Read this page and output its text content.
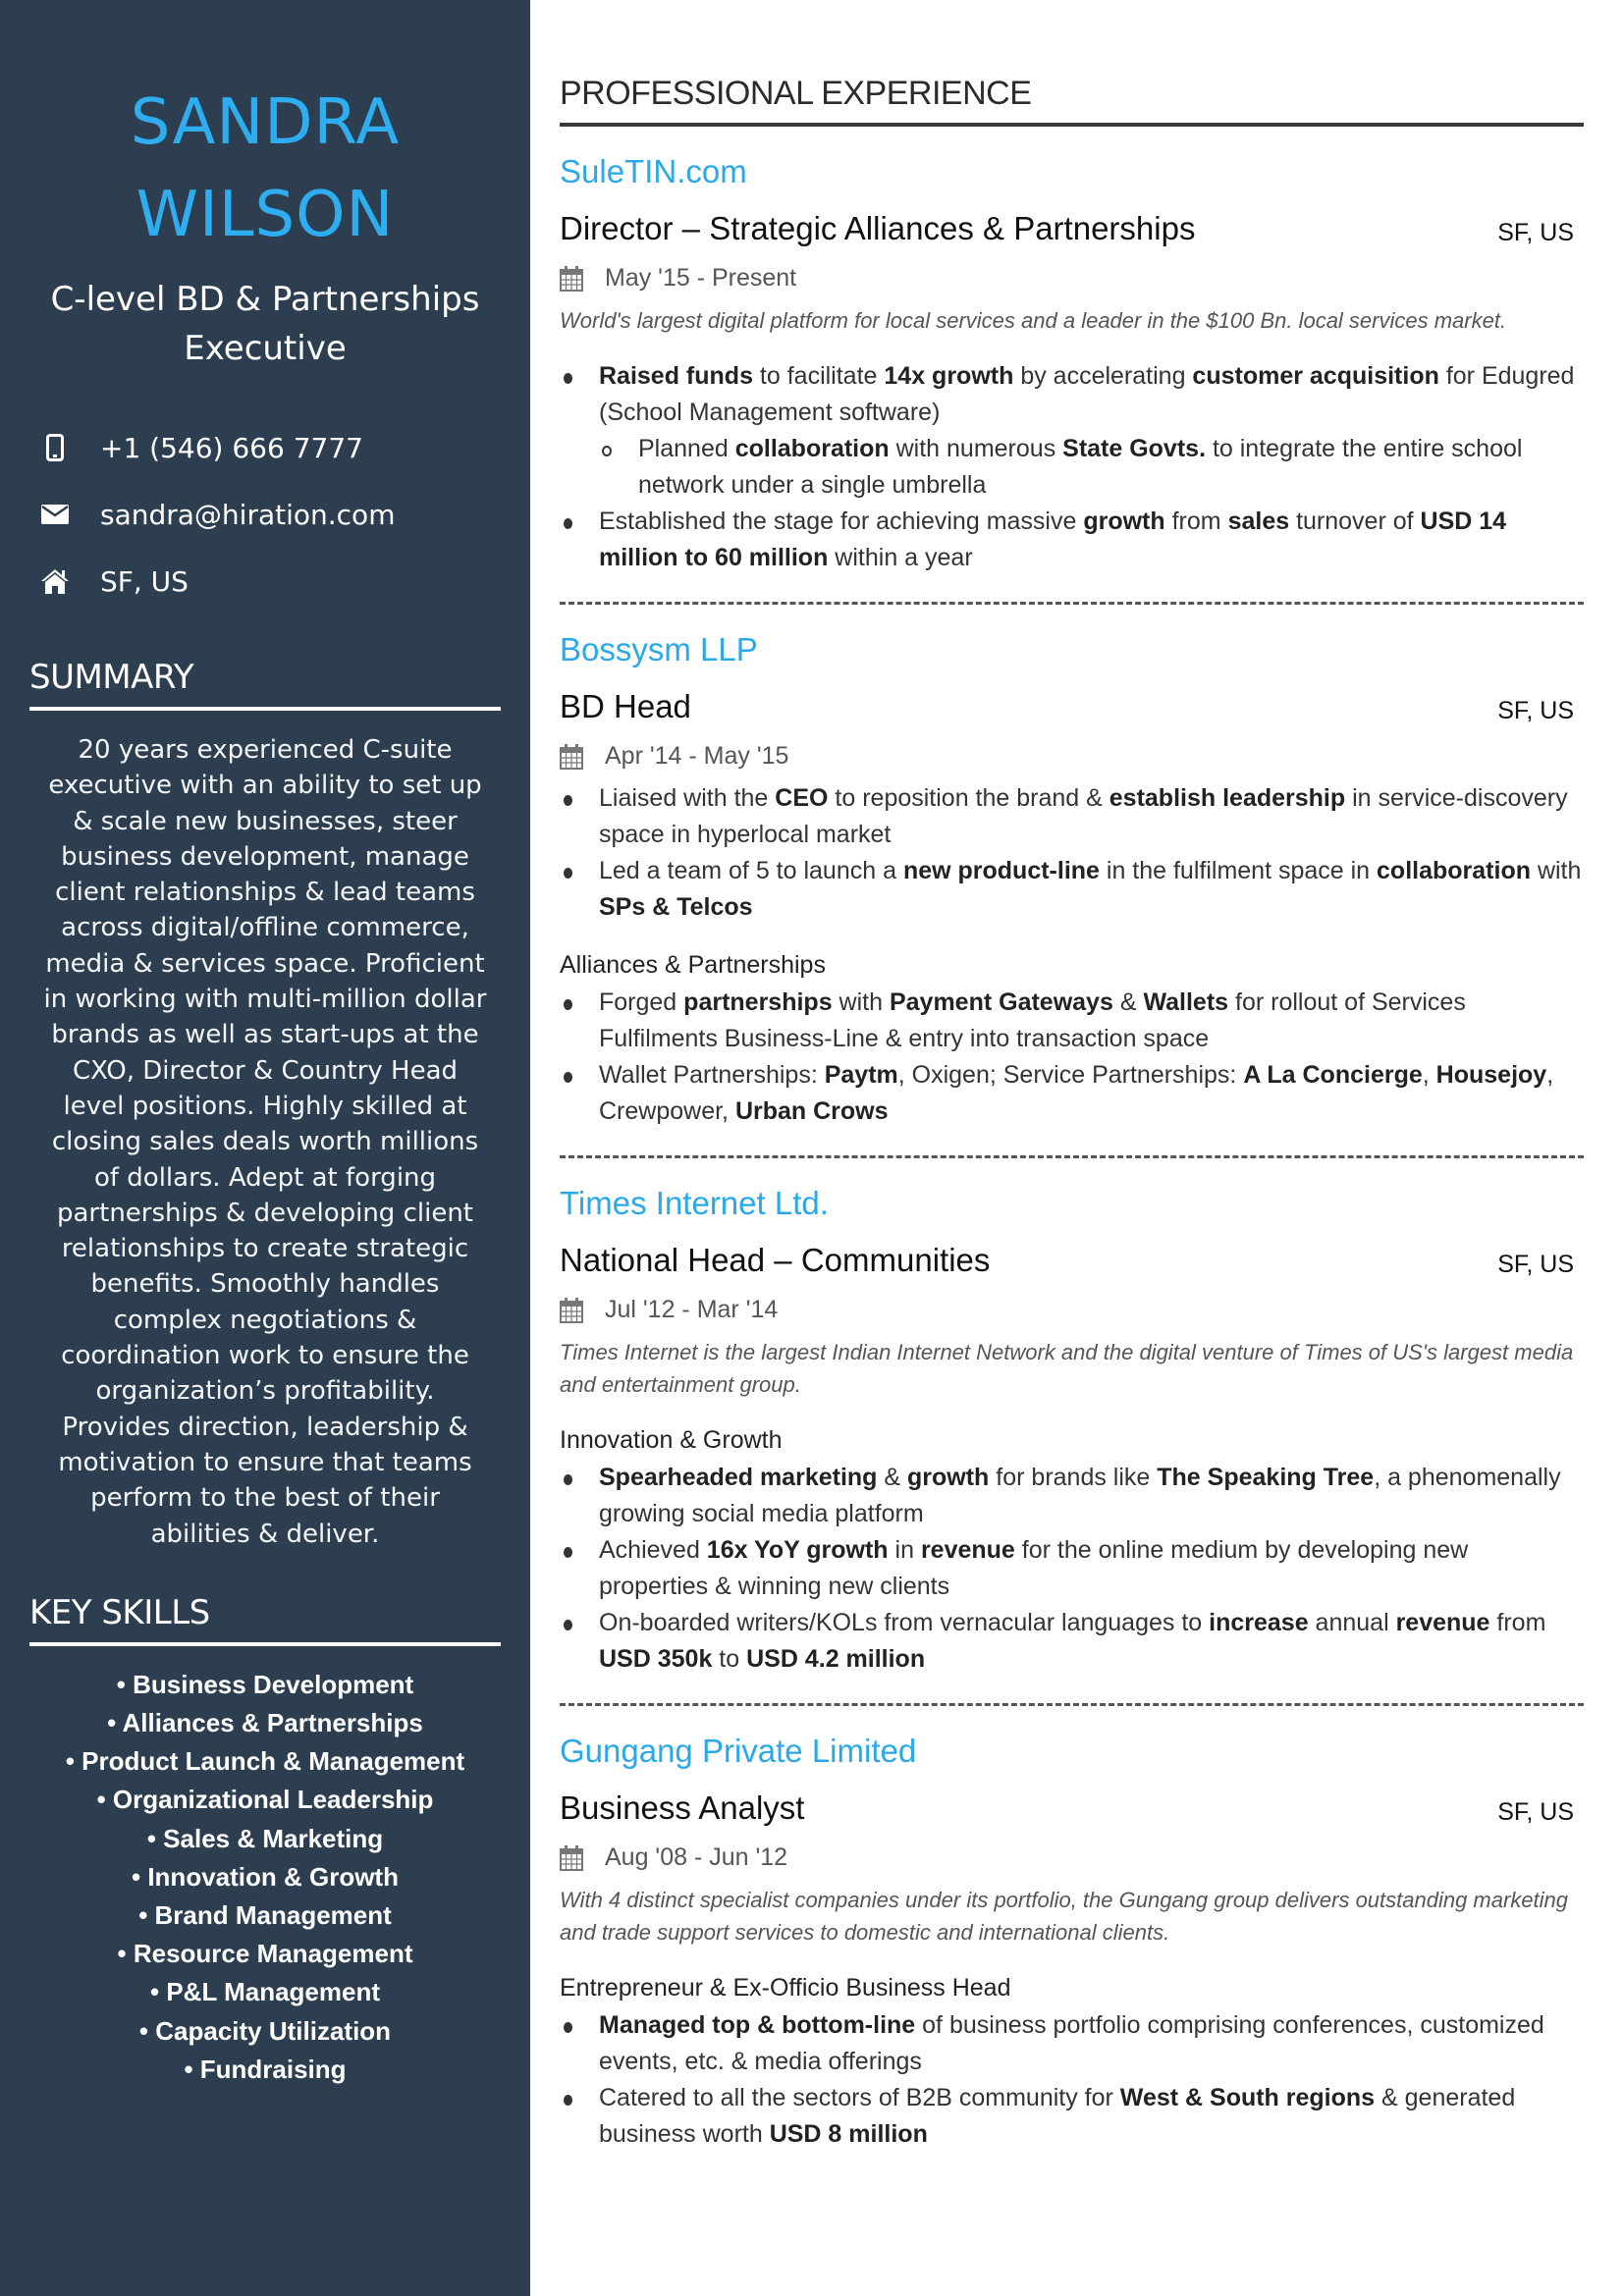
SANDRA
WILSON
C-level BD & Partnerships
Executive
+1 (546) 666 7777
sandra@hiration.com
SF, US
SUMMARY
20 years experienced C-suite executive with an ability to set up & scale new businesses, steer business development, manage client relationships & lead teams across digital/offline commerce, media & services space. Proficient in working with multi-million dollar brands as well as start-ups at the CXO, Director & Country Head level positions. Highly skilled at closing sales deals worth millions of dollars. Adept at forging partnerships & developing client relationships to create strategic benefits. Smoothly handles complex negotiations & coordination work to ensure the organization’s profitability. Provides direction, leadership & motivation to ensure that teams perform to the best of their abilities & deliver.
KEY SKILLS
• Business Development
• Alliances & Partnerships
• Product Launch & Management
• Organizational Leadership
• Sales & Marketing
• Innovation & Growth
• Brand Management
• Resource Management
• P&L Management
• Capacity Utilization
• Fundraising
PROFESSIONAL EXPERIENCE
SuleTIN.com
Director – Strategic Alliances & Partnerships	SF, US
May '15 - Present
World's largest digital platform for local services and a leader in the $100 Bn. local services market.
Raised funds to facilitate 14x growth by accelerating customer acquisition for Edugred (School Management software)
Planned collaboration with numerous State Govts. to integrate the entire school network under a single umbrella
Established the stage for achieving massive growth from sales turnover of USD 14 million to 60 million within a year
Bossysm LLP
BD Head	SF, US
Apr '14 - May '15
Liaised with the CEO to reposition the brand & establish leadership in service-discovery space in hyperlocal market
Led a team of 5 to launch a new product-line in the fulfilment space in collaboration with SPs & Telcos
Alliances & Partnerships
Forged partnerships with Payment Gateways & Wallets for rollout of Services Fulfilments Business-Line & entry into transaction space
Wallet Partnerships: Paytm, Oxigen; Service Partnerships: A La Concierge, Housejoy, Crewpower, Urban Crows
Times Internet Ltd.
National Head – Communities	SF, US
Jul '12 - Mar '14
Times Internet is the largest Indian Internet Network and the digital venture of Times of US's largest media and entertainment group.
Innovation & Growth
Spearheaded marketing & growth for brands like The Speaking Tree, a phenomenally growing social media platform
Achieved 16x YoY growth in revenue for the online medium by developing new properties & winning new clients
On-boarded writers/KOLs from vernacular languages to increase annual revenue from USD 350k to USD 4.2 million
Gungang Private Limited
Business Analyst	SF, US
Aug '08 - Jun '12
With 4 distinct specialist companies under its portfolio, the Gungang group delivers outstanding marketing and trade support services to domestic and international clients.
Entrepreneur & Ex-Officio Business Head
Managed top & bottom-line of business portfolio comprising conferences, customized events, etc. & media offerings
Catered to all the sectors of B2B community for West & South regions & generated business worth USD 8 million
